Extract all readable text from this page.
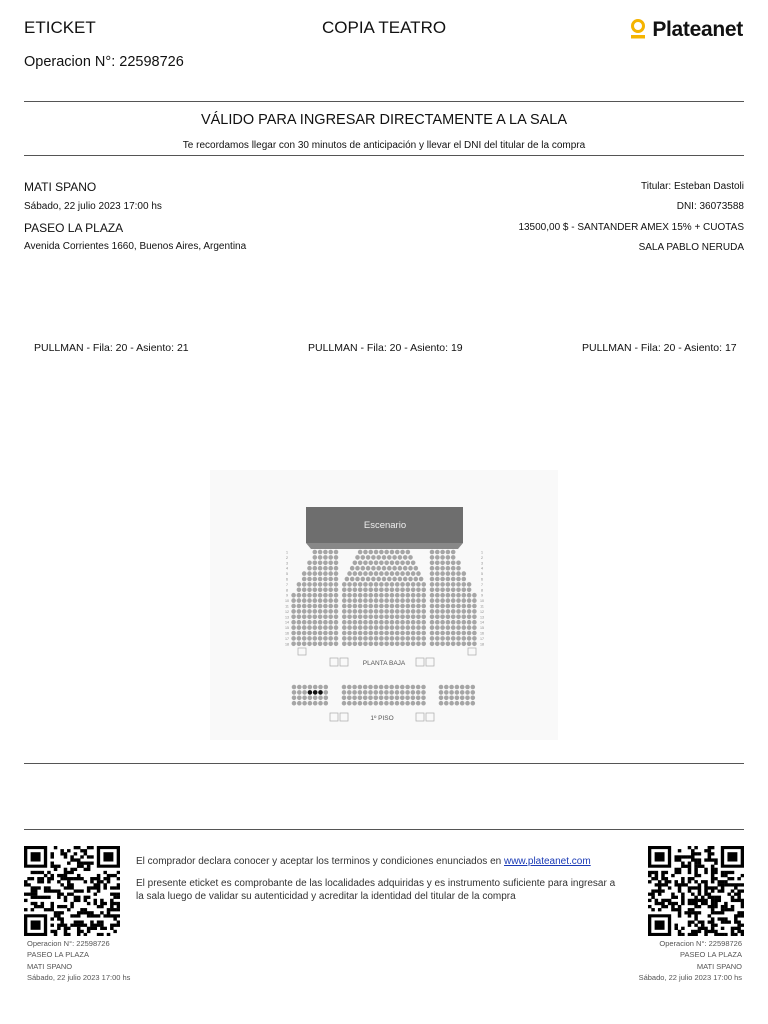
ETICKET	COPIA TEATRO	Plateanet
Operacion N°: 22598726
VÁLIDO PARA INGRESAR DIRECTAMENTE A LA SALA
Te recordamos llegar con 30 minutos de anticipación y llevar el DNI del titular de la compra
MATI SPANO
Sábado, 22 julio 2023 17:00 hs
PASEO LA PLAZA
Avenida Corrientes 1660, Buenos Aires, Argentina
Titular: Esteban Dastoli
DNI: 36073588
13500,00 $ - SANTANDER AMEX 15% + CUOTAS
SALA PABLO NERUDA
PULLMAN - Fila: 20 - Asiento: 21	PULLMAN - Fila: 20 - Asiento: 19	PULLMAN - Fila: 20 - Asiento: 17
Escenario
1	1
2	2
3	3
4	4
5	5
6	6
7	7
8	8
9	9
10	10
11	11
12	12
13	13
14	14
15	15
16	16
17	17
18	18
PLANTA BAJA
1º PISO
El comprador declara conocer y aceptar los terminos y condiciones enunciados en www.plateanet.com
El presente eticket es comprobante de las localidades adquiridas y es instrumento suficiente para ingresar a la sala luego de validar su autenticidad y acreditar la identidad del titular de la compra
Operacion N°: 22598726
PASEO LA PLAZA
MATI SPANO
Sábado, 22 julio 2023 17:00 hs
Operacion N°: 22598726
PASEO LA PLAZA
MATI SPANO
Sábado, 22 julio 2023 17:00 hs
